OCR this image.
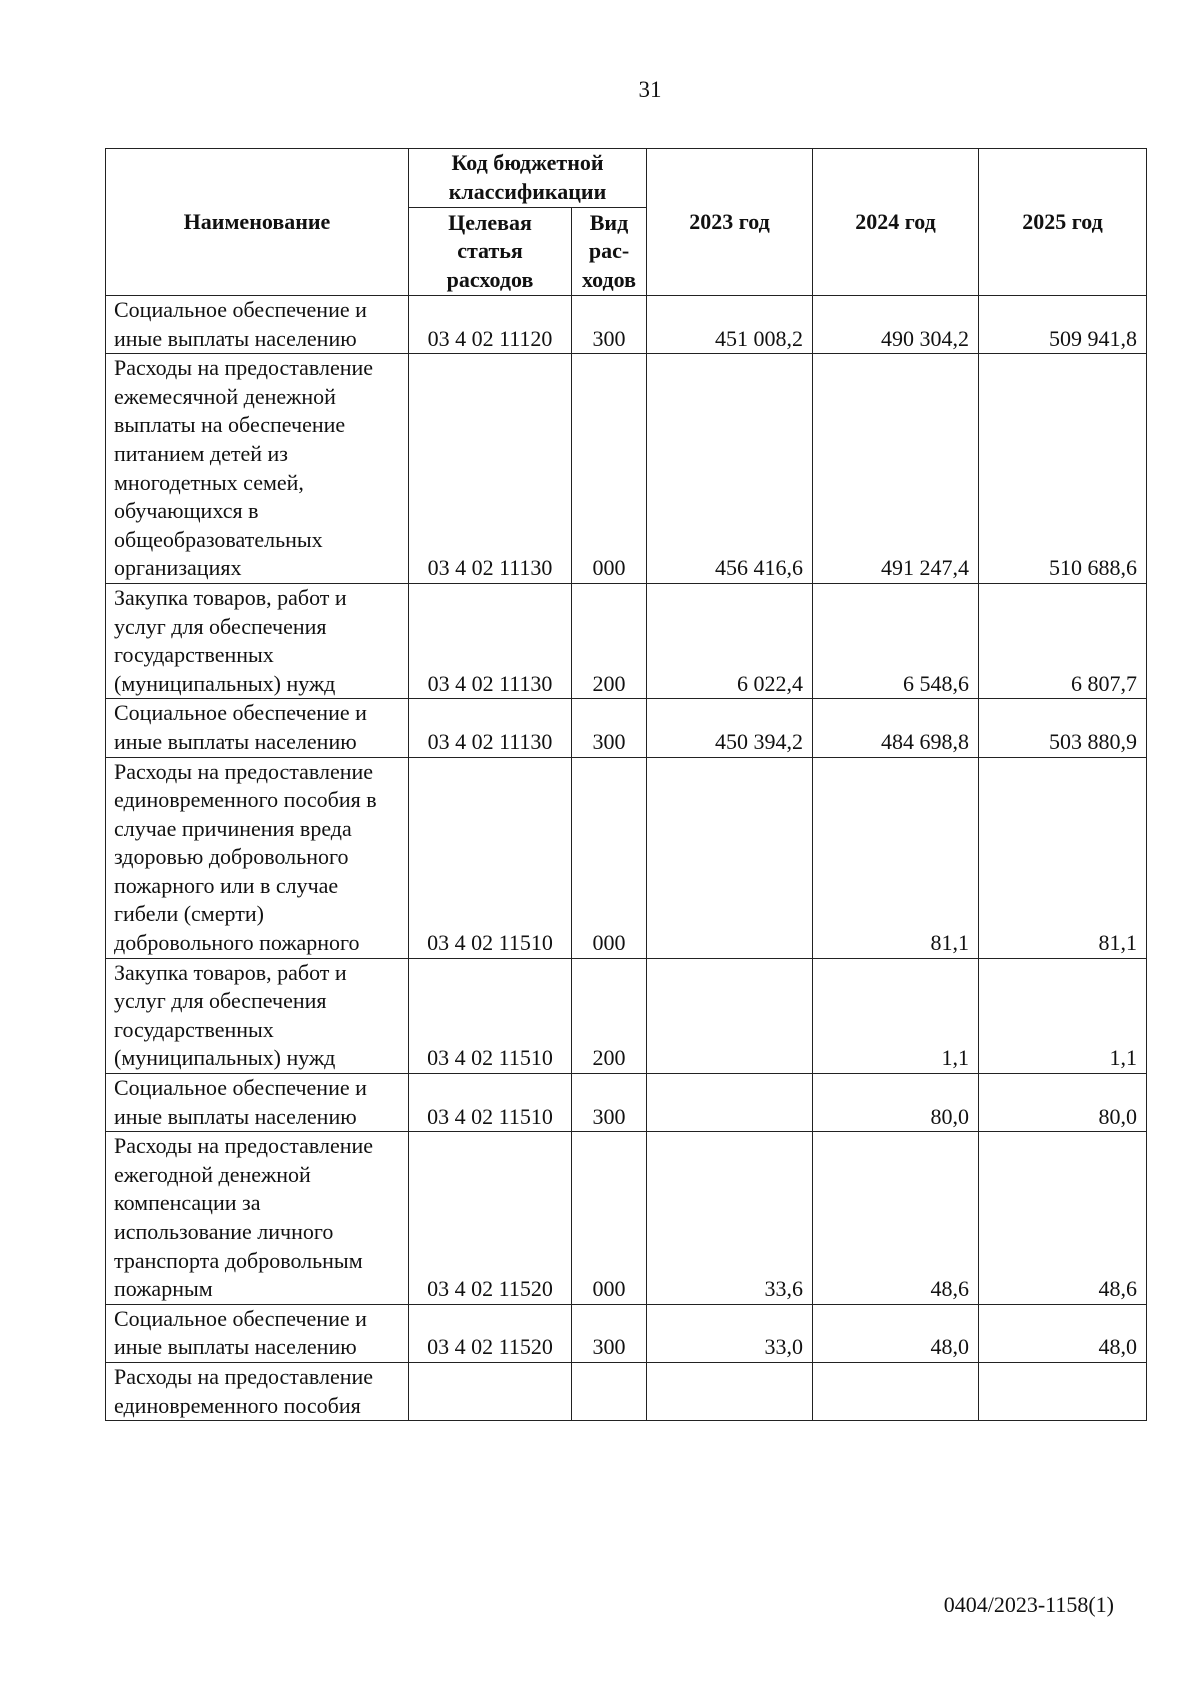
31
Наименование	Код бюджетной классификации		2023 год	2024 год	2025 год
	Целевая статья расходов	Вид рас-ходов			
Социальное обеспечение и иные выплаты населению	03 4 02 11120	300	451 008,2	490 304,2	509 941,8
Расходы на предоставление ежемесячной денежной выплаты на обеспечение питанием детей из многодетных семей, обучающихся в общеобразовательных организациях	03 4 02 11130	000	456 416,6	491 247,4	510 688,6
Закупка товаров, работ и услуг для обеспечения государственных (муниципальных) нужд	03 4 02 11130	200	6 022,4	6 548,6	6 807,7
Социальное обеспечение и иные выплаты населению	03 4 02 11130	300	450 394,2	484 698,8	503 880,9
Расходы на предоставление единовременного пособия в случае причинения вреда здоровью добровольного пожарного или в случае гибели (смерти) добровольного пожарного	03 4 02 11510	000		81,1	81,1
Закупка товаров, работ и услуг для обеспечения государственных (муниципальных) нужд	03 4 02 11510	200		1,1	1,1
Социальное обеспечение и иные выплаты населению	03 4 02 11510	300		80,0	80,0
Расходы на предоставление ежегодной денежной компенсации за использование личного транспорта добровольным пожарным	03 4 02 11520	000	33,6	48,6	48,6
Социальное обеспечение и иные выплаты населению	03 4 02 11520	300	33,0	48,0	48,0
Расходы на предоставление единовременного пособия					
0404/2023-1158(1)
